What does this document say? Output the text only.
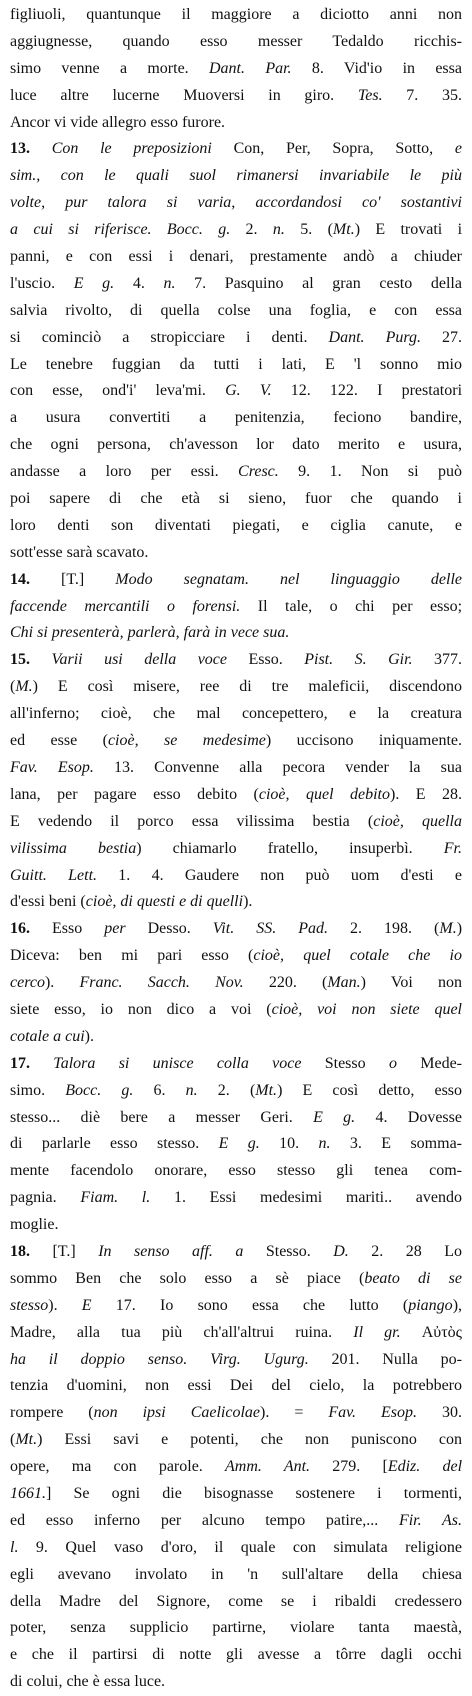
figliuoli, quantunque il maggiore a diciotto anni non
aggiugnesse, quando esso messer Tedaldo ricchis-
simo venne a morte. Dant. Par. 8. Vid'io in essa
luce altre lucerne Muoversi in giro. Tes. 7. 35.
Ancor vi vide allegro esso furore.
13. Con le preposizioni Con, Per, Sopra, Sotto, e
sim., con le quali suol rimanersi invariabile le più
volte, pur talora si varia, accordandosi co' sostantivi
a cui si riferisce. Bocc. g. 2. n. 5. (Mt.) E trovati i
panni, e con essi i denari, prestamente andò a chiuder
l'uscio. E g. 4. n. 7. Pasquino al gran cesto della
salvia rivolto, di quella colse una foglia, e con essa
si cominciò a stropicciare i denti. Dant. Purg. 27.
Le tenebre fuggian da tutti i lati, E 'l sonno mio
con esse, ond'i' leva'mi. G. V. 12. 122. I prestatori
a usura convertiti a penitenzia, feciono bandire,
che ogni persona, ch'avesson lor dato merito e usura,
andasse a loro per essi. Cresc. 9. 1. Non si può
poi sapere di che età si sieno, fuor che quando i
loro denti son diventati piegati, e ciglia canute, e
sott'esse sarà scavato.
14. [T.] Modo segnatam. nel linguaggio delle
faccende mercantili o forensi. Il tale, o chi per esso;
Chi si presenterà, parlerà, farà in vece sua.
15. Varii usi della voce Esso. Pist. S. Gir. 377.
(M.) E così misere, ree di tre maleficii, discendono
all'inferno; cioè, che mal concepettero, e la creatura
ed esse (cioè, se medesime) uccisono iniquamente.
Fav. Esop. 13. Convenne alla pecora vender la sua
lana, per pagare esso debito (cioè, quel debito). E 28.
E vedendo il porco essa vilissima bestia (cioè, quella
vilissima bestia) chiamarlo fratello, insuperbì. Fr.
Guitt. Lett. 1. 4. Gaudere non può uom d'esti e
d'essi beni (cioè, di questi e di quelli).
16. Esso per Desso. Vit. SS. Pad. 2. 198. (M.)
Diceva: ben mi pari esso (cioè, quel cotale che io
cerco). Franc. Sacch. Nov. 220. (Man.) Voi non
siete esso, io non dico a voi (cioè, voi non siete quel
cotale a cui).
17. Talora si unisce colla voce Stesso o Mede-
simo. Bocc. g. 6. n. 2. (Mt.) E così detto, esso
stesso... diè bere a messer Geri. E g. 4. Dovesse
di parlarle esso stesso. E g. 10. n. 3. E somma-
mente facendolo onorare, esso stesso gli tenea com-
pagnia. Fiam. l. 1. Essi medesimi mariti.. avendo
moglie.
18. [T.] In senso aff. a Stesso. D. 2. 28 Lo
sommo Ben che solo esso a sè piace (beato di se
stesso). E 17. Io sono essa che lutto (piango),
Madre, alla tua più ch'all'altrui ruina. Il gr. Αὐτὸς
ha il doppio senso. Virg. Ugurg. 201. Nulla po-
tenzia d'uomini, non essi Dei del cielo, la potrebbero
rompere (non ipsi Caelicolae). = Fav. Esop. 30.
(Mt.) Essi savi e potenti, che non puniscono con
opere, ma con parole. Amm. Ant. 279. [Ediz. del
1661.] Se ogni die bisognasse sostenere i tormenti,
ed esso inferno per alcuno tempo patire,... Fir. As.
l. 9. Quel vaso d'oro, il quale con simulata religione
egli avevano involato in 'n sull'altare della chiesa
della Madre del Signore, come se i ribaldi credessero
poter, senza supplicio partirne, violare tanta maestà,
e che il partirsi di notte gli avesse a tôrre dagli occhi
di colui, che è essa luce.
